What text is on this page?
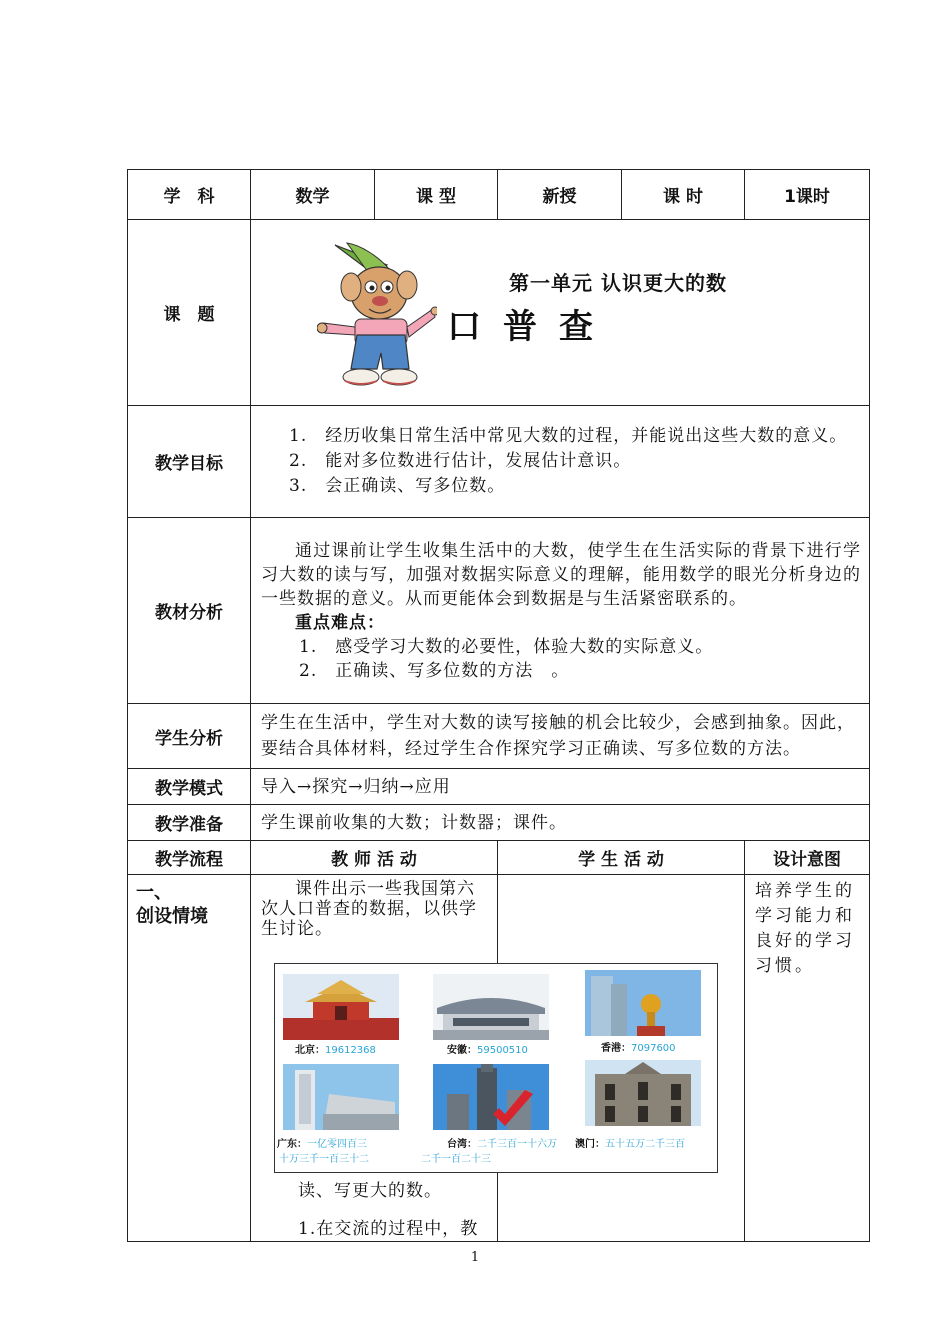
学　科	数学	课 型	新授	课 时	1课时
课　题	第一单元 认识更大的数
口普查				

教学目标	1.　经历收集日常生活中常见大数的过程，并能说出这些大数的意义。
2.　能对多位数进行估计，发展估计意识。
3.　会正确读、写多位数。				

教材分析	通过课前让学生收集生活中的大数，使学生在生活实际的背景下进行学习大数的读与写，加强对数据实际意义的理解，能用数学的眼光分析身边的一些数据的意义。从而更能体会到数据是与生活紧密联系的。
重点难点：
1.　感受学习大数的必要性，体验大数的实际意义。
2.　正确读、写多位数的方法　。				

学生分析	学生在生活中，学生对大数的读写接触的机会比较少，会感到抽象。因此，要结合具体材料，经过学生合作探究学习正确读、写多位数的方法。				

教学模式	导入→探究→归纳→应用				

教学准备	学生课前收集的大数；计数器；课件。				

教学流程	教 师 活 动		学 生 活 动		设计意图

一、
创设情境	课件出示一些我国第六次人口普查的数据，以供学生讨论。				培养学生的学习能力和良好的学习习惯。
北京：19612368	安徽：59500510	香港：7097600
广东：一亿零四百三
十万三千一百三十二
台湾：二千三百一十六万
二千一百二十三
澳门：五十五万二千三百
读、写更大的数。
1.在交流的过程中，教
1
